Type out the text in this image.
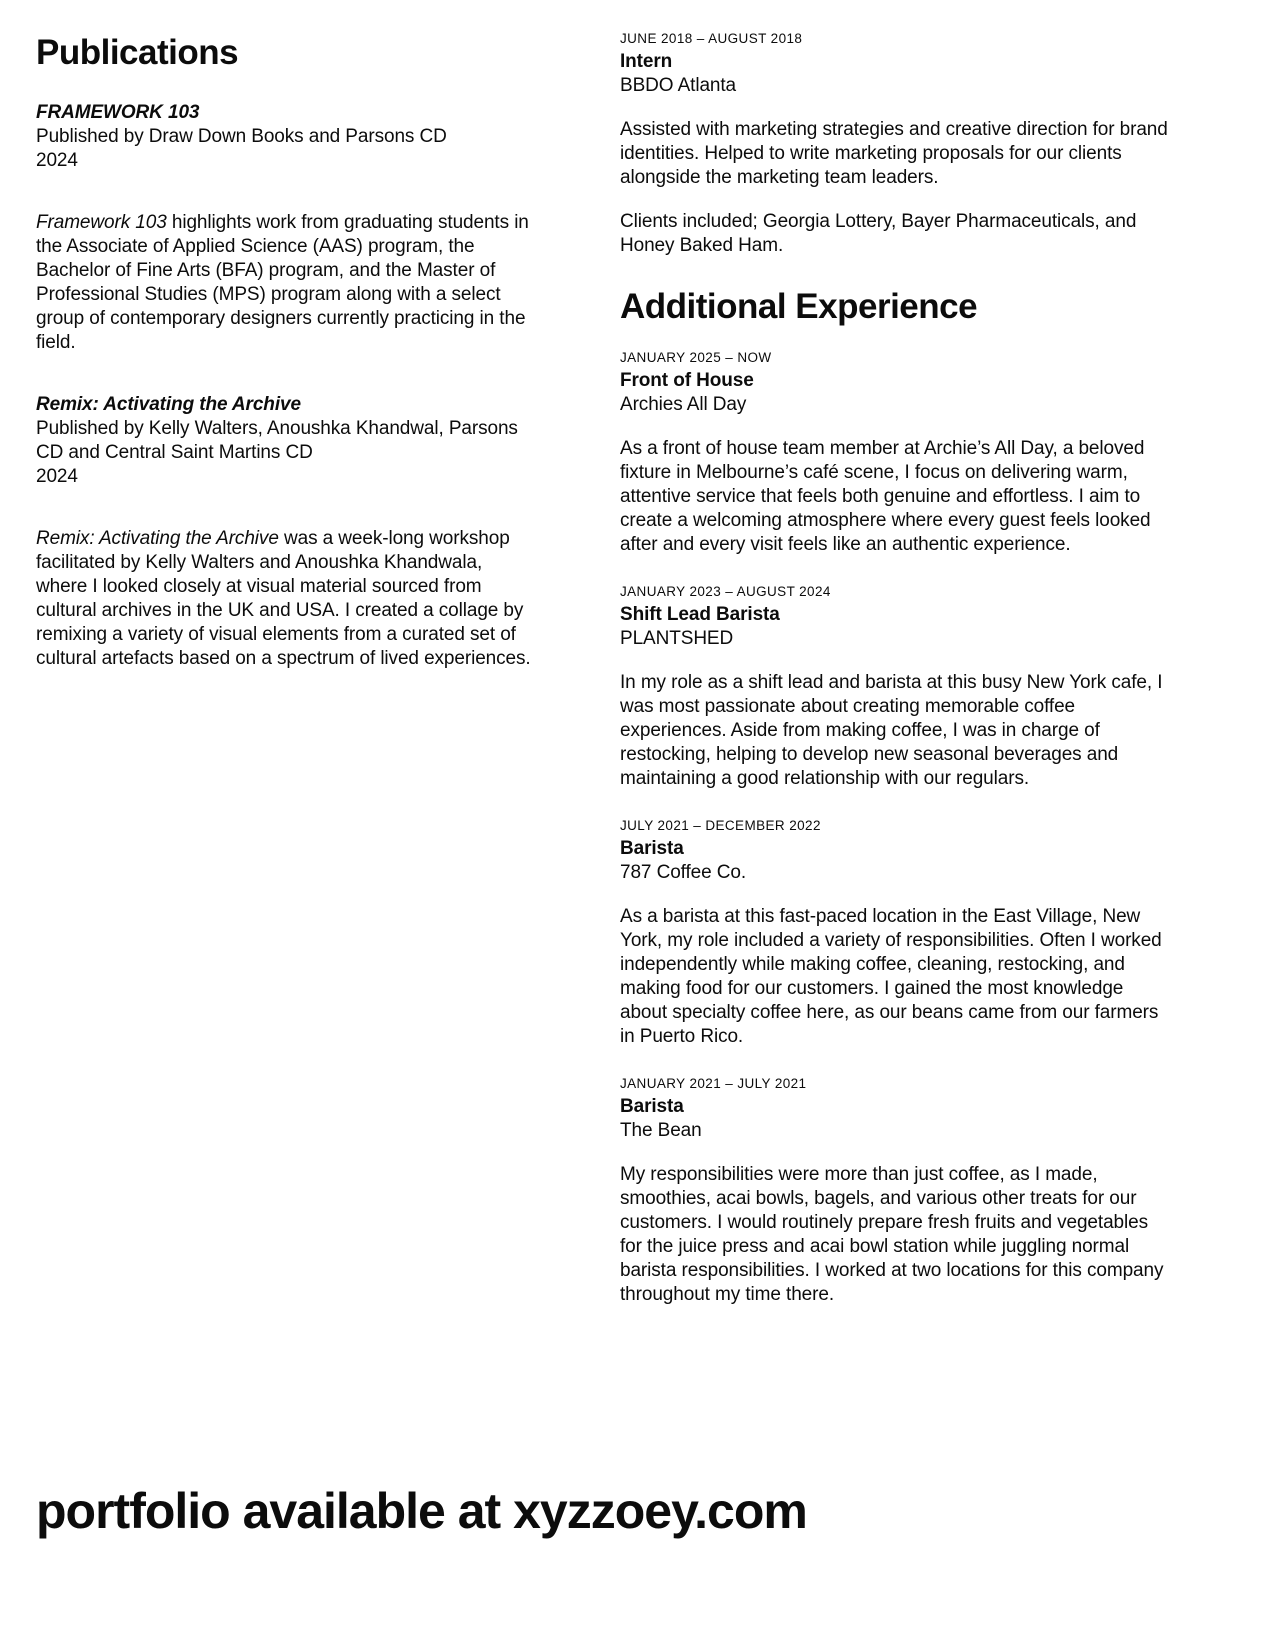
Publications

FRAMEWORK 103

Published by Draw Down Books and Parsons CD

2024

Framework 103 highlights work from graduating students in the Associate of Applied Science (AAS) program, the Bachelor of Fine Arts (BFA) program, and the Master of Professional Studies (MPS) program along with a select group of contemporary designers currently practicing in the field.

Remix: Activating the Archive

Published by Kelly Walters, Anoushka Khandwal, Parsons CD and Central Saint Martins CD

2024

Remix: Activating the Archive was a week-long workshop facilitated by Kelly Walters and Anoushka Khandwala, where I looked closely at visual material sourced from cultural archives in the UK and USA. I created a collage by remixing a variety of visual elements from a curated set of cultural artefacts based on a spectrum of lived experiences.

JUNE 2018 – AUGUST 2018

Intern

BBDO Atlanta

Assisted with marketing strategies and creative direction for brand identities. Helped to write marketing proposals for our clients alongside the marketing team leaders.

Clients included; Georgia Lottery, Bayer Pharmaceuticals, and Honey Baked Ham.

Additional Experience

JANUARY 2025 – NOW

Front of House

Archies All Day

As a front of house team member at Archie’s All Day, a beloved fixture in Melbourne’s café scene, I focus on delivering warm, attentive service that feels both genuine and effortless. I aim to create a welcoming atmosphere where every guest feels looked after and every visit feels like an authentic experience.

JANUARY 2023 – AUGUST 2024

Shift Lead Barista

PLANTSHED

In my role as a shift lead and barista at this busy New York cafe, I was most passionate about creating memorable coffee experiences. Aside from making coffee, I was in charge of restocking, helping to develop new seasonal beverages and maintaining a good relationship with our regulars.

JULY 2021 – DECEMBER 2022

Barista

787 Coffee Co.

As a barista at this fast-paced location in the East Village, New York, my role included a variety of responsibilities. Often I worked independently while making coffee, cleaning, restocking, and making food for our customers. I gained the most knowledge about specialty coffee here, as our beans came from our farmers in Puerto Rico.

JANUARY 2021 – JULY 2021

Barista

The Bean

My responsibilities were more than just coffee, as I made, smoothies, acai bowls, bagels, and various other treats for our customers. I would routinely prepare fresh fruits and vegetables for the juice press and acai bowl station while juggling normal barista responsibilities. I worked at two locations for this company throughout my time there.

portfolio available at xyzzoey.com
